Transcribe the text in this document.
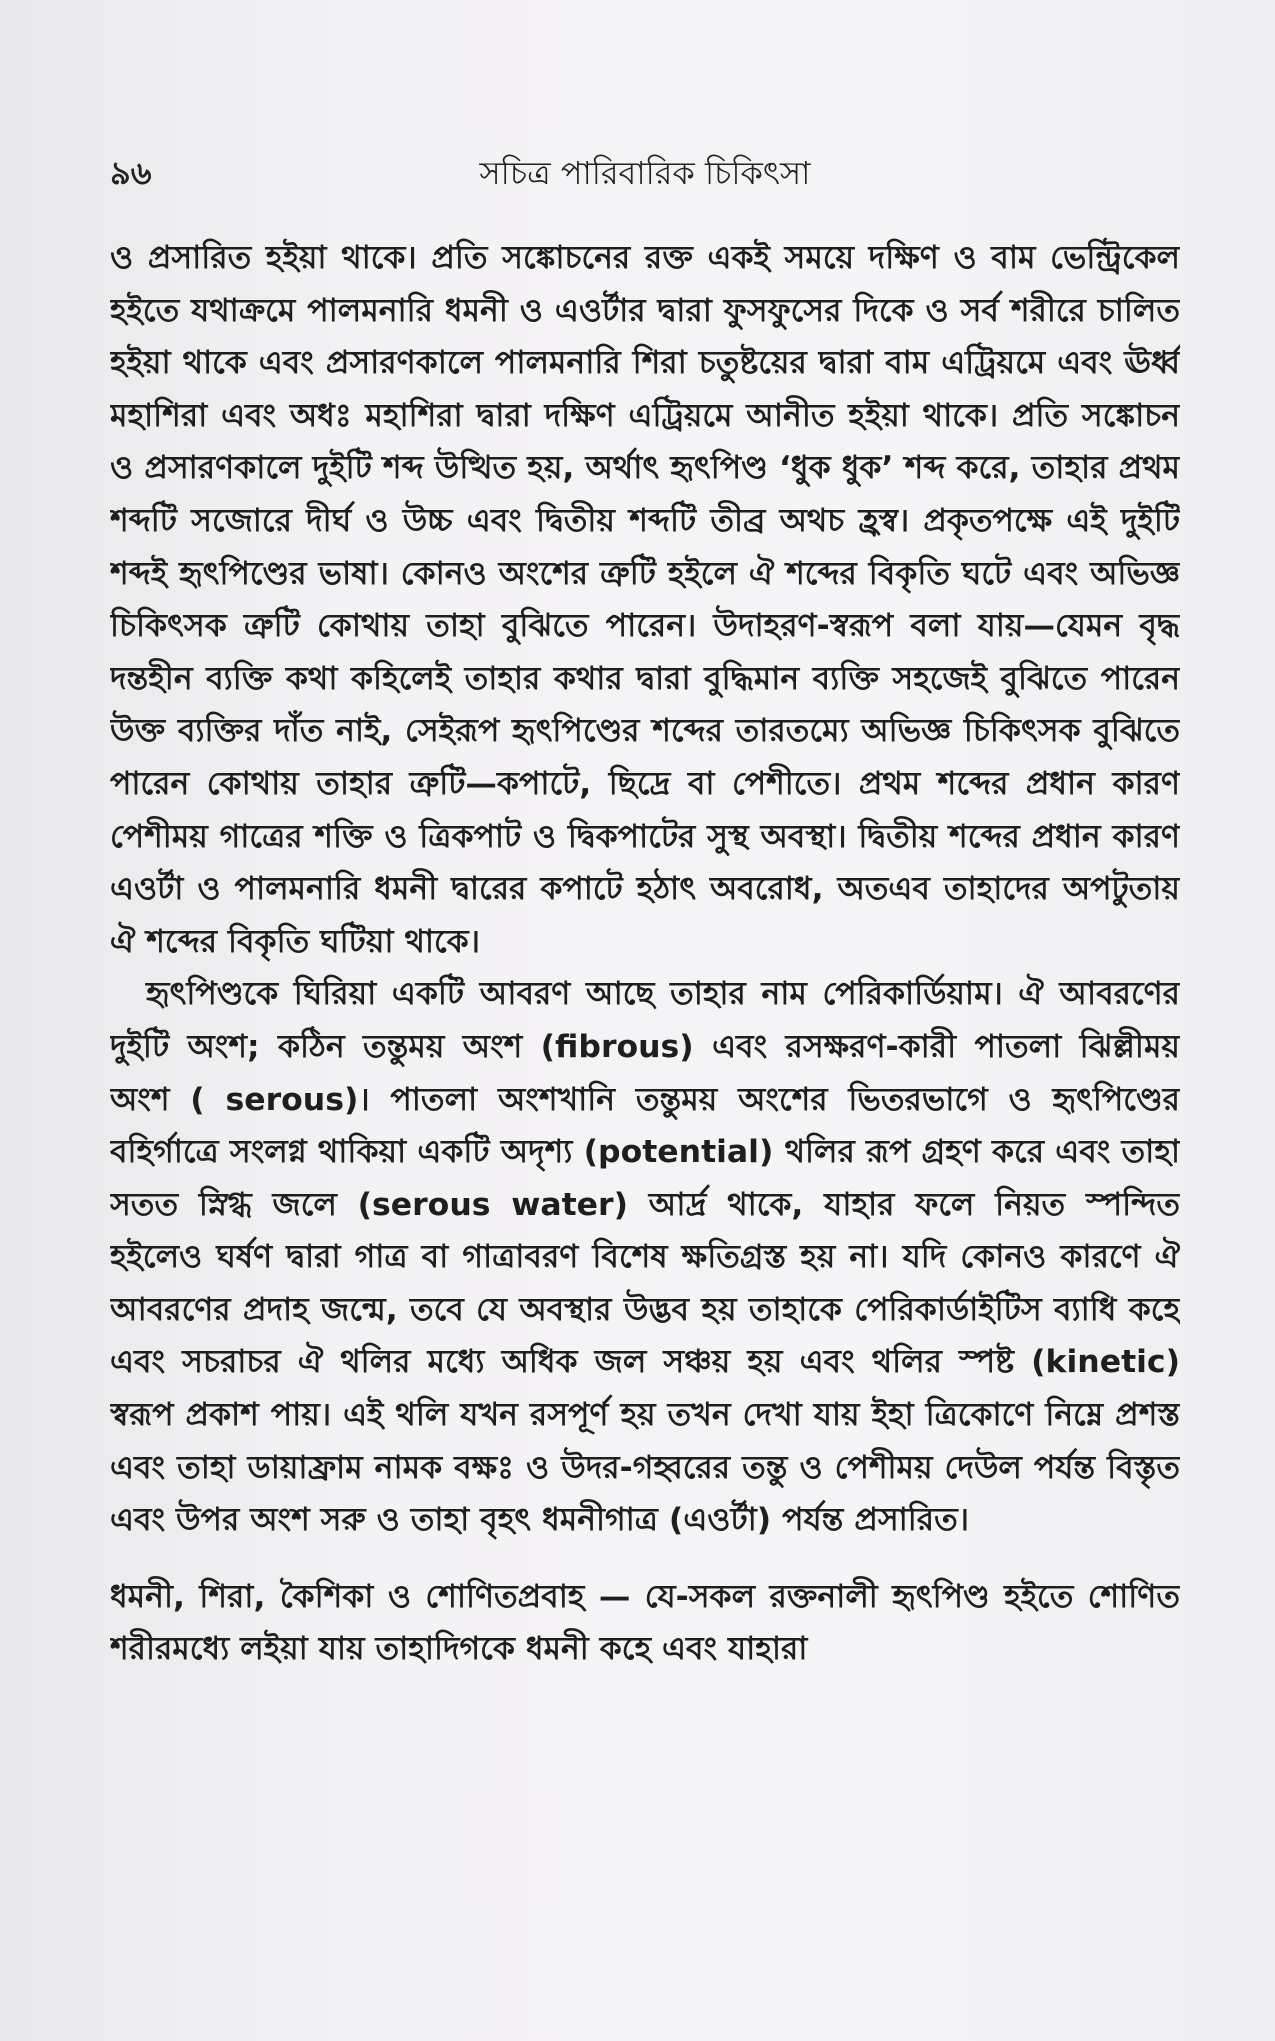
৯৬	সচিত্র পারিবারিক চিকিৎসা

ও প্রসারিত হইয়া থাকে। প্রতি সঙ্কোচনের রক্ত একই সময়ে দক্ষিণ ও বাম ভেন্ট্রিকেল হইতে যথাক্রমে পালমনারি ধমনী ও এওর্টার দ্বারা ফুসফুসের দিকে ও সর্ব শরীরে চালিত হইয়া থাকে এবং প্রসারণকালে পালমনারি শিরা চতুষ্টয়ের দ্বারা বাম এট্রিয়মে এবং ঊর্ধ্ব মহাশিরা এবং অধঃ মহাশিরা দ্বারা দক্ষিণ এট্রিয়মে আনীত হইয়া থাকে। প্রতি সঙ্কোচন ও প্রসারণকালে দুইটি শব্দ উত্থিত হয়, অর্থাৎ হৃৎপিণ্ড ‘ধুক ধুক’ শব্দ করে, তাহার প্রথম শব্দটি সজোরে দীর্ঘ ও উচ্চ এবং দ্বিতীয় শব্দটি তীব্র অথচ হ্রস্ব। প্রকৃতপক্ষে এই দুইটি শব্দই হৃৎপিণ্ডের ভাষা। কোনও অংশের ত্রুটি হইলে ঐ শব্দের বিকৃতি ঘটে এবং অভিজ্ঞ চিকিৎসক ত্রুটি কোথায় তাহা বুঝিতে পারেন। উদাহরণ-স্বরূপ বলা যায়—যেমন বৃদ্ধ দন্তহীন ব্যক্তি কথা কহিলেই তাহার কথার দ্বারা বুদ্ধিমান ব্যক্তি সহজেই বুঝিতে পারেন উক্ত ব্যক্তির দাঁত নাই, সেইরূপ হৃৎপিণ্ডের শব্দের তারতম্যে অভিজ্ঞ চিকিৎসক বুঝিতে পারেন কোথায় তাহার ত্রুটি—কপাটে, ছিদ্রে বা পেশীতে। প্রথম শব্দের প্রধান কারণ পেশীময় গাত্রের শক্তি ও ত্রিকপাট ও দ্বিকপাটের সুস্থ অবস্থা। দ্বিতীয় শব্দের প্রধান কারণ এওর্টা ও পালমনারি ধমনী দ্বারের কপাটে হঠাৎ অবরোধ, অতএব তাহাদের অপটুতায় ঐ শব্দের বিকৃতি ঘটিয়া থাকে।

হৃৎপিণ্ডকে ঘিরিয়া একটি আবরণ আছে তাহার নাম পেরিকার্ডিয়াম। ঐ আবরণের দুইটি অংশ; কঠিন তন্তুময় অংশ (fibrous) এবং রসক্ষরণ-কারী পাতলা ঝিল্লীময় অংশ ( serous)। পাতলা অংশখানি তন্তুময় অংশের ভিতরভাগে ও হৃৎপিণ্ডের বহির্গাত্রে সংলগ্ন থাকিয়া একটি অদৃশ্য (potential) থলির রূপ গ্রহণ করে এবং তাহা সতত স্নিগ্ধ জলে (serous water) আর্দ্র থাকে, যাহার ফলে নিয়ত স্পন্দিত হইলেও ঘর্ষণ দ্বারা গাত্র বা গাত্রাবরণ বিশেষ ক্ষতিগ্রস্ত হয় না। যদি কোনও কারণে ঐ আবরণের প্রদাহ জন্মে, তবে যে অবস্থার উদ্ভব হয় তাহাকে পেরিকার্ডাইটিস ব্যাধি কহে এবং সচরাচর ঐ থলির মধ্যে অধিক জল সঞ্চয় হয় এবং থলির স্পষ্ট (kinetic) স্বরূপ প্রকাশ পায়। এই থলি যখন রসপূর্ণ হয় তখন দেখা যায় ইহা ত্রিকোণে নিম্নে প্রশস্ত এবং তাহা ডায়াফ্রাম নামক বক্ষঃ ও উদর-গহ্বরের তন্তু ও পেশীময় দেউল পর্যন্ত বিস্তৃত এবং উপর অংশ সরু ও তাহা বৃহৎ ধমনীগাত্র (এওর্টা) পর্যন্ত প্রসারিত।

ধমনী, শিরা, কৈশিকা ও শোণিতপ্রবাহ — যে-সকল রক্তনালী হৃৎপিণ্ড হইতে শোণিত শরীরমধ্যে লইয়া যায় তাহাদিগকে ধমনী কহে এবং যাহারা
